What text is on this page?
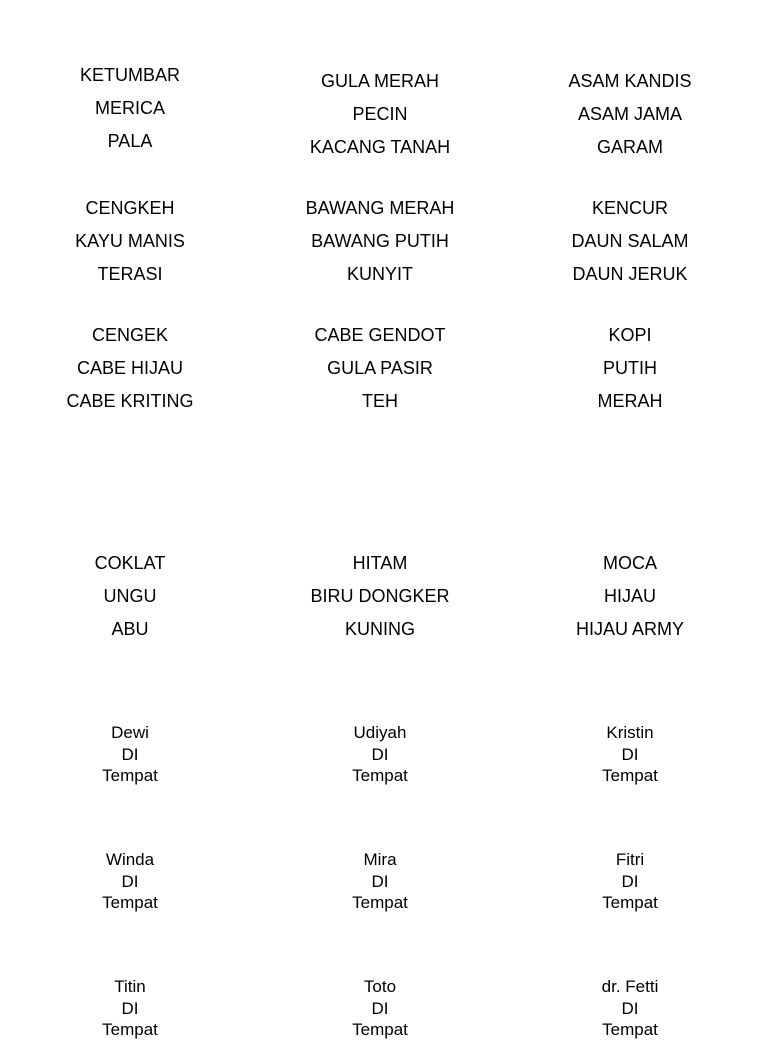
KETUMBAR
MERICA
PALA
GULA MERAH
PECIN
KACANG TANAH
ASAM KANDIS
ASAM JAMA
GARAM
CENGKEH
KAYU MANIS
TERASI
BAWANG MERAH
BAWANG PUTIH
KUNYIT
KENCUR
DAUN SALAM
DAUN JERUK
CENGEK
CABE HIJAU
CABE KRITING
CABE GENDOT
GULA PASIR
TEH
KOPI
PUTIH
MERAH
COKLAT
UNGU
ABU
HITAM
BIRU DONGKER
KUNING
MOCA
HIJAU
HIJAU ARMY
Dewi
DI
Tempat
Udiyah
DI
Tempat
Kristin
DI
Tempat
Winda
DI
Tempat
Mira
DI
Tempat
Fitri
DI
Tempat
Titin
DI
Tempat
Toto
DI
Tempat
dr. Fetti
DI
Tempat
